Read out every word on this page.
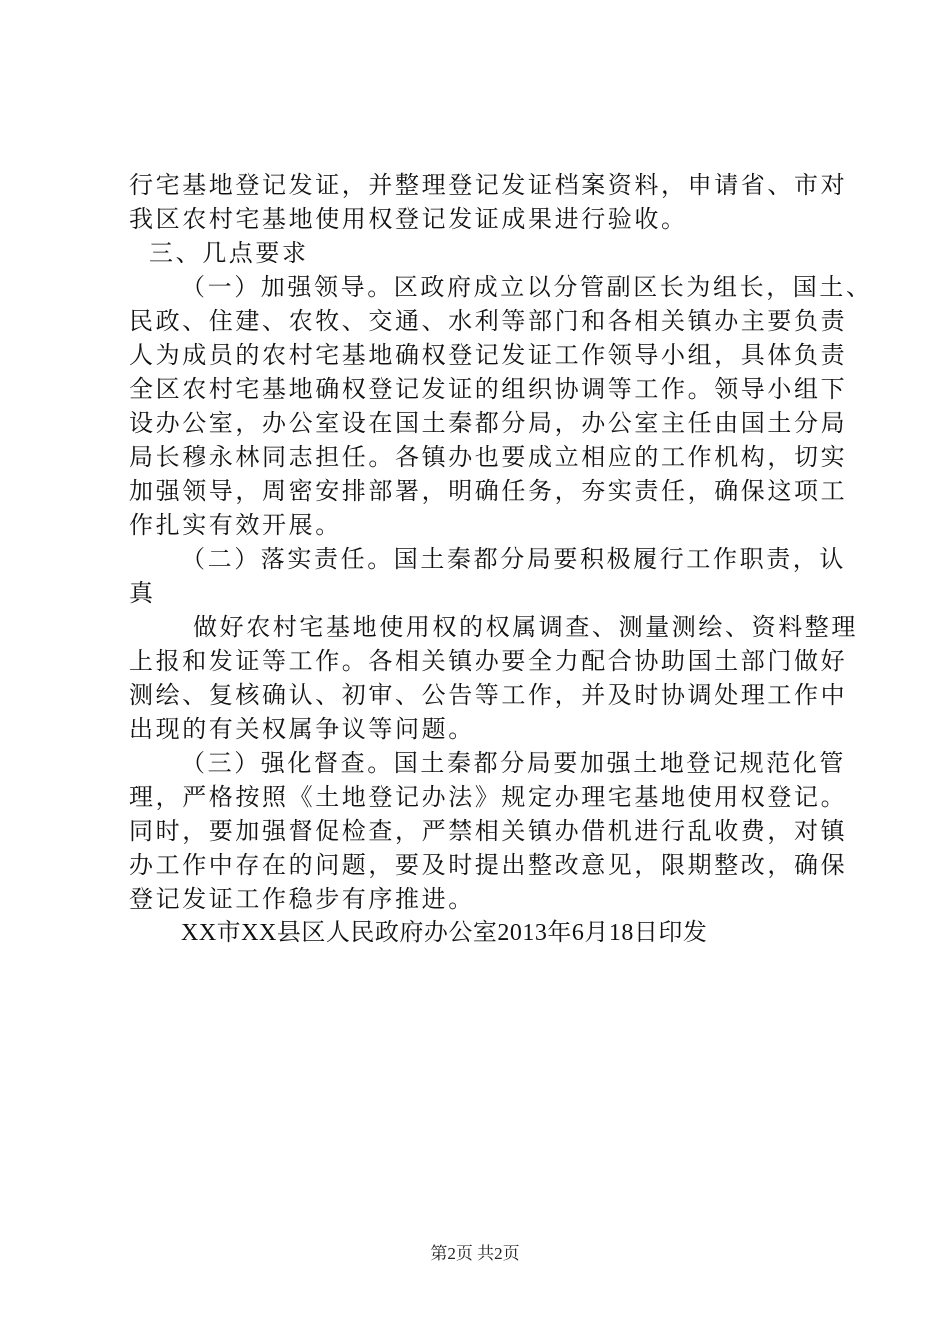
行宅基地登记发证，并整理登记发证档案资料，申请省、市对
我区农村宅基地使用权登记发证成果进行验收。
三、几点要求
（一）加强领导。区政府成立以分管副区长为组长，国土、
民政、住建、农牧、交通、水利等部门和各相关镇办主要负责
人为成员的农村宅基地确权登记发证工作领导小组，具体负责
全区农村宅基地确权登记发证的组织协调等工作。领导小组下
设办公室，办公室设在国土秦都分局，办公室主任由国土分局
局长穆永林同志担任。各镇办也要成立相应的工作机构，切实
加强领导，周密安排部署，明确任务，夯实责任，确保这项工
作扎实有效开展。
（二）落实责任。国土秦都分局要积极履行工作职责，认
真
做好农村宅基地使用权的权属调查、测量测绘、资料整理
上报和发证等工作。各相关镇办要全力配合协助国土部门做好
测绘、复核确认、初审、公告等工作，并及时协调处理工作中
出现的有关权属争议等问题。
（三）强化督查。国土秦都分局要加强土地登记规范化管
理，严格按照《土地登记办法》规定办理宅基地使用权登记。
同时，要加强督促检查，严禁相关镇办借机进行乱收费，对镇
办工作中存在的问题，要及时提出整改意见，限期整改，确保
登记发证工作稳步有序推进。
XX市XX县区人民政府办公室2013年6月18日印发
第2页 共2页
